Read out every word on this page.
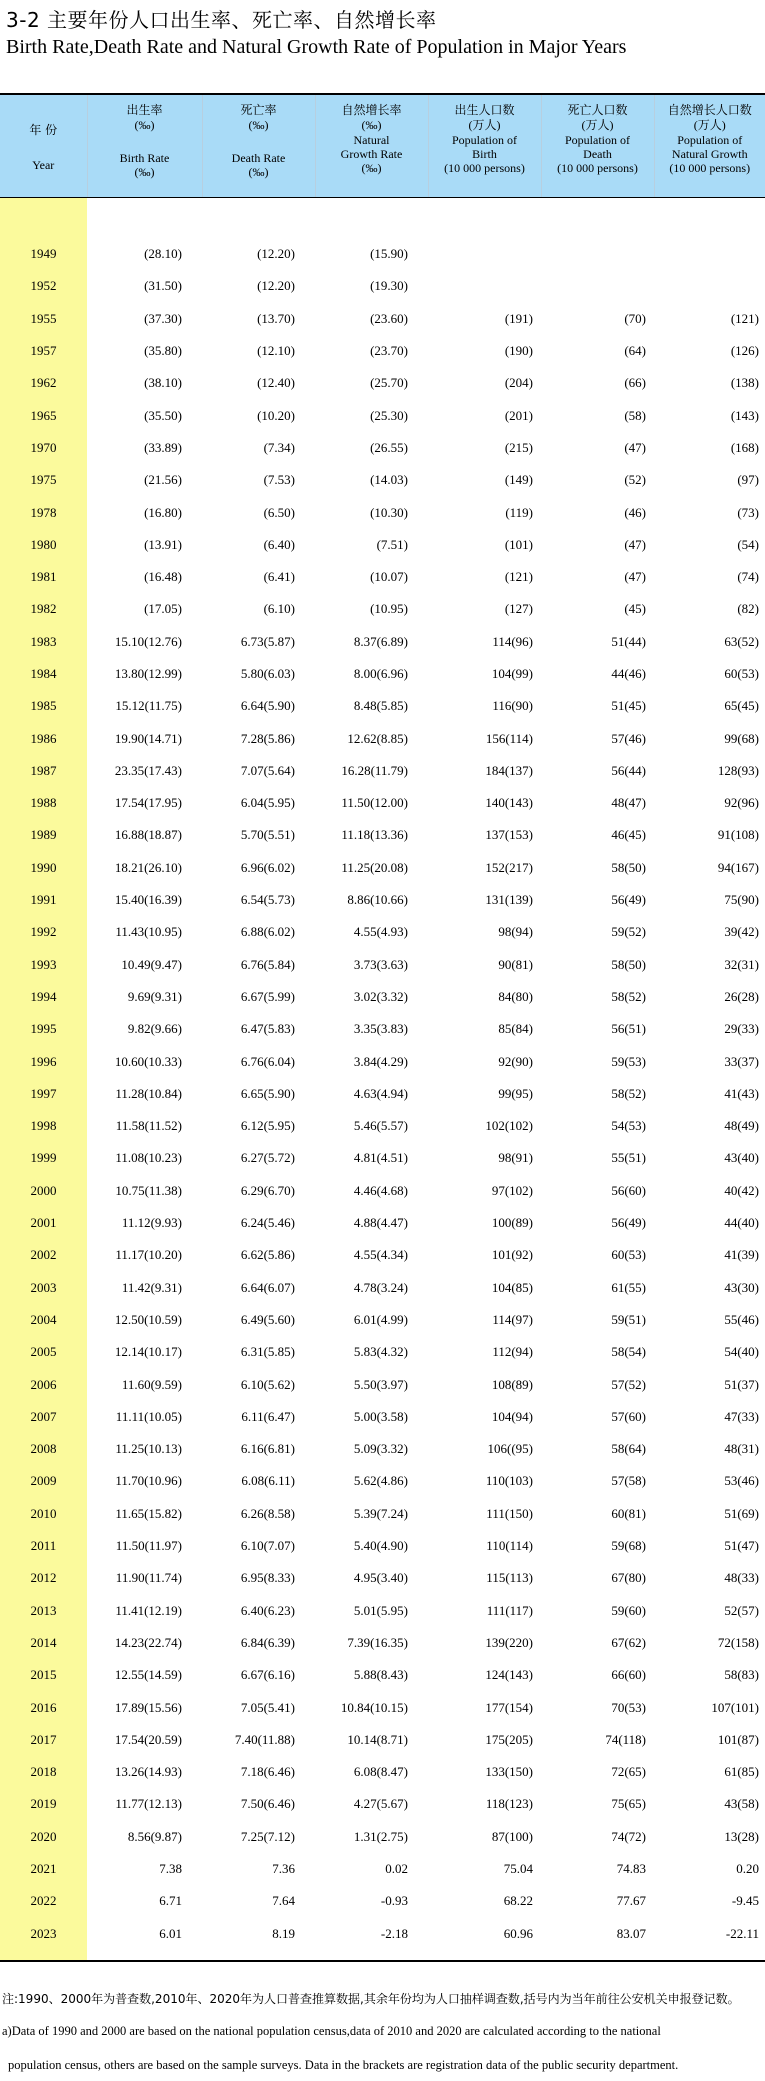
3-2 主要年份人口出生率、死亡率、自然增长率
Birth Rate,Death Rate and Natural Growth Rate of Population in Major Years
年 份
Year	出生率
(‰)
Birth Rate
(‰)	死亡率
(‰)
Death Rate
(‰)	自然增长率
(‰)
Natural
Growth Rate
(‰)	出生人口数
(万人)
Population of
Birth
(10 000 persons)	死亡人口数
(万人)
Population of
Death
(10 000 persons)	自然增长人口数
(万人)
Population of
Natural Growth
(10 000 persons)

1949	(28.10)	(12.20)	(15.90)			
1952	(31.50)	(12.20)	(19.30)			
1955	(37.30)	(13.70)	(23.60)	(191)	(70)	(121)
1957	(35.80)	(12.10)	(23.70)	(190)	(64)	(126)
1962	(38.10)	(12.40)	(25.70)	(204)	(66)	(138)
1965	(35.50)	(10.20)	(25.30)	(201)	(58)	(143)
1970	(33.89)	(7.34)	(26.55)	(215)	(47)	(168)
1975	(21.56)	(7.53)	(14.03)	(149)	(52)	(97)
1978	(16.80)	(6.50)	(10.30)	(119)	(46)	(73)
1980	(13.91)	(6.40)	(7.51)	(101)	(47)	(54)
1981	(16.48)	(6.41)	(10.07)	(121)	(47)	(74)
1982	(17.05)	(6.10)	(10.95)	(127)	(45)	(82)
1983	15.10(12.76)	6.73(5.87)	8.37(6.89)	114(96)	51(44)	63(52)
1984	13.80(12.99)	5.80(6.03)	8.00(6.96)	104(99)	44(46)	60(53)
1985	15.12(11.75)	6.64(5.90)	8.48(5.85)	116(90)	51(45)	65(45)
1986	19.90(14.71)	7.28(5.86)	12.62(8.85)	156(114)	57(46)	99(68)
1987	23.35(17.43)	7.07(5.64)	16.28(11.79)	184(137)	56(44)	128(93)
1988	17.54(17.95)	6.04(5.95)	11.50(12.00)	140(143)	48(47)	92(96)
1989	16.88(18.87)	5.70(5.51)	11.18(13.36)	137(153)	46(45)	91(108)
1990	18.21(26.10)	6.96(6.02)	11.25(20.08)	152(217)	58(50)	94(167)
1991	15.40(16.39)	6.54(5.73)	8.86(10.66)	131(139)	56(49)	75(90)
1992	11.43(10.95)	6.88(6.02)	4.55(4.93)	98(94)	59(52)	39(42)
1993	10.49(9.47)	6.76(5.84)	3.73(3.63)	90(81)	58(50)	32(31)
1994	9.69(9.31)	6.67(5.99)	3.02(3.32)	84(80)	58(52)	26(28)
1995	9.82(9.66)	6.47(5.83)	3.35(3.83)	85(84)	56(51)	29(33)
1996	10.60(10.33)	6.76(6.04)	3.84(4.29)	92(90)	59(53)	33(37)
1997	11.28(10.84)	6.65(5.90)	4.63(4.94)	99(95)	58(52)	41(43)
1998	11.58(11.52)	6.12(5.95)	5.46(5.57)	102(102)	54(53)	48(49)
1999	11.08(10.23)	6.27(5.72)	4.81(4.51)	98(91)	55(51)	43(40)
2000	10.75(11.38)	6.29(6.70)	4.46(4.68)	97(102)	56(60)	40(42)
2001	11.12(9.93)	6.24(5.46)	4.88(4.47)	100(89)	56(49)	44(40)
2002	11.17(10.20)	6.62(5.86)	4.55(4.34)	101(92)	60(53)	41(39)
2003	11.42(9.31)	6.64(6.07)	4.78(3.24)	104(85)	61(55)	43(30)
2004	12.50(10.59)	6.49(5.60)	6.01(4.99)	114(97)	59(51)	55(46)
2005	12.14(10.17)	6.31(5.85)	5.83(4.32)	112(94)	58(54)	54(40)
2006	11.60(9.59)	6.10(5.62)	5.50(3.97)	108(89)	57(52)	51(37)
2007	11.11(10.05)	6.11(6.47)	5.00(3.58)	104(94)	57(60)	47(33)
2008	11.25(10.13)	6.16(6.81)	5.09(3.32)	106((95)	58(64)	48(31)
2009	11.70(10.96)	6.08(6.11)	5.62(4.86)	110(103)	57(58)	53(46)
2010	11.65(15.82)	6.26(8.58)	5.39(7.24)	111(150)	60(81)	51(69)
2011	11.50(11.97)	6.10(7.07)	5.40(4.90)	110(114)	59(68)	51(47)
2012	11.90(11.74)	6.95(8.33)	4.95(3.40)	115(113)	67(80)	48(33)
2013	11.41(12.19)	6.40(6.23)	5.01(5.95)	111(117)	59(60)	52(57)
2014	14.23(22.74)	6.84(6.39)	7.39(16.35)	139(220)	67(62)	72(158)
2015	12.55(14.59)	6.67(6.16)	5.88(8.43)	124(143)	66(60)	58(83)
2016	17.89(15.56)	7.05(5.41)	10.84(10.15)	177(154)	70(53)	107(101)
2017	17.54(20.59)	7.40(11.88)	10.14(8.71)	175(205)	74(118)	101(87)
2018	13.26(14.93)	7.18(6.46)	6.08(8.47)	133(150)	72(65)	61(85)
2019	11.77(12.13)	7.50(6.46)	4.27(5.67)	118(123)	75(65)	43(58)
2020	8.56(9.87)	7.25(7.12)	1.31(2.75)	87(100)	74(72)	13(28)
2021	7.38	7.36	0.02	75.04	74.83	0.20
2022	6.71	7.64	-0.93	68.22	77.67	-9.45
2023	6.01	8.19	-2.18	60.96	83.07	-22.11

注:1990、2000年为普查数,2010年、2020年为人口普查推算数据,其余年份均为人口抽样调查数,括号内为当年前往公安机关申报登记数。
a)Data of 1990 and 2000 are based on the national population census,data of 2010 and 2020 are calculated according to the national
population census, others are based on the sample surveys. Data in the brackets are registration data of the public security department.
